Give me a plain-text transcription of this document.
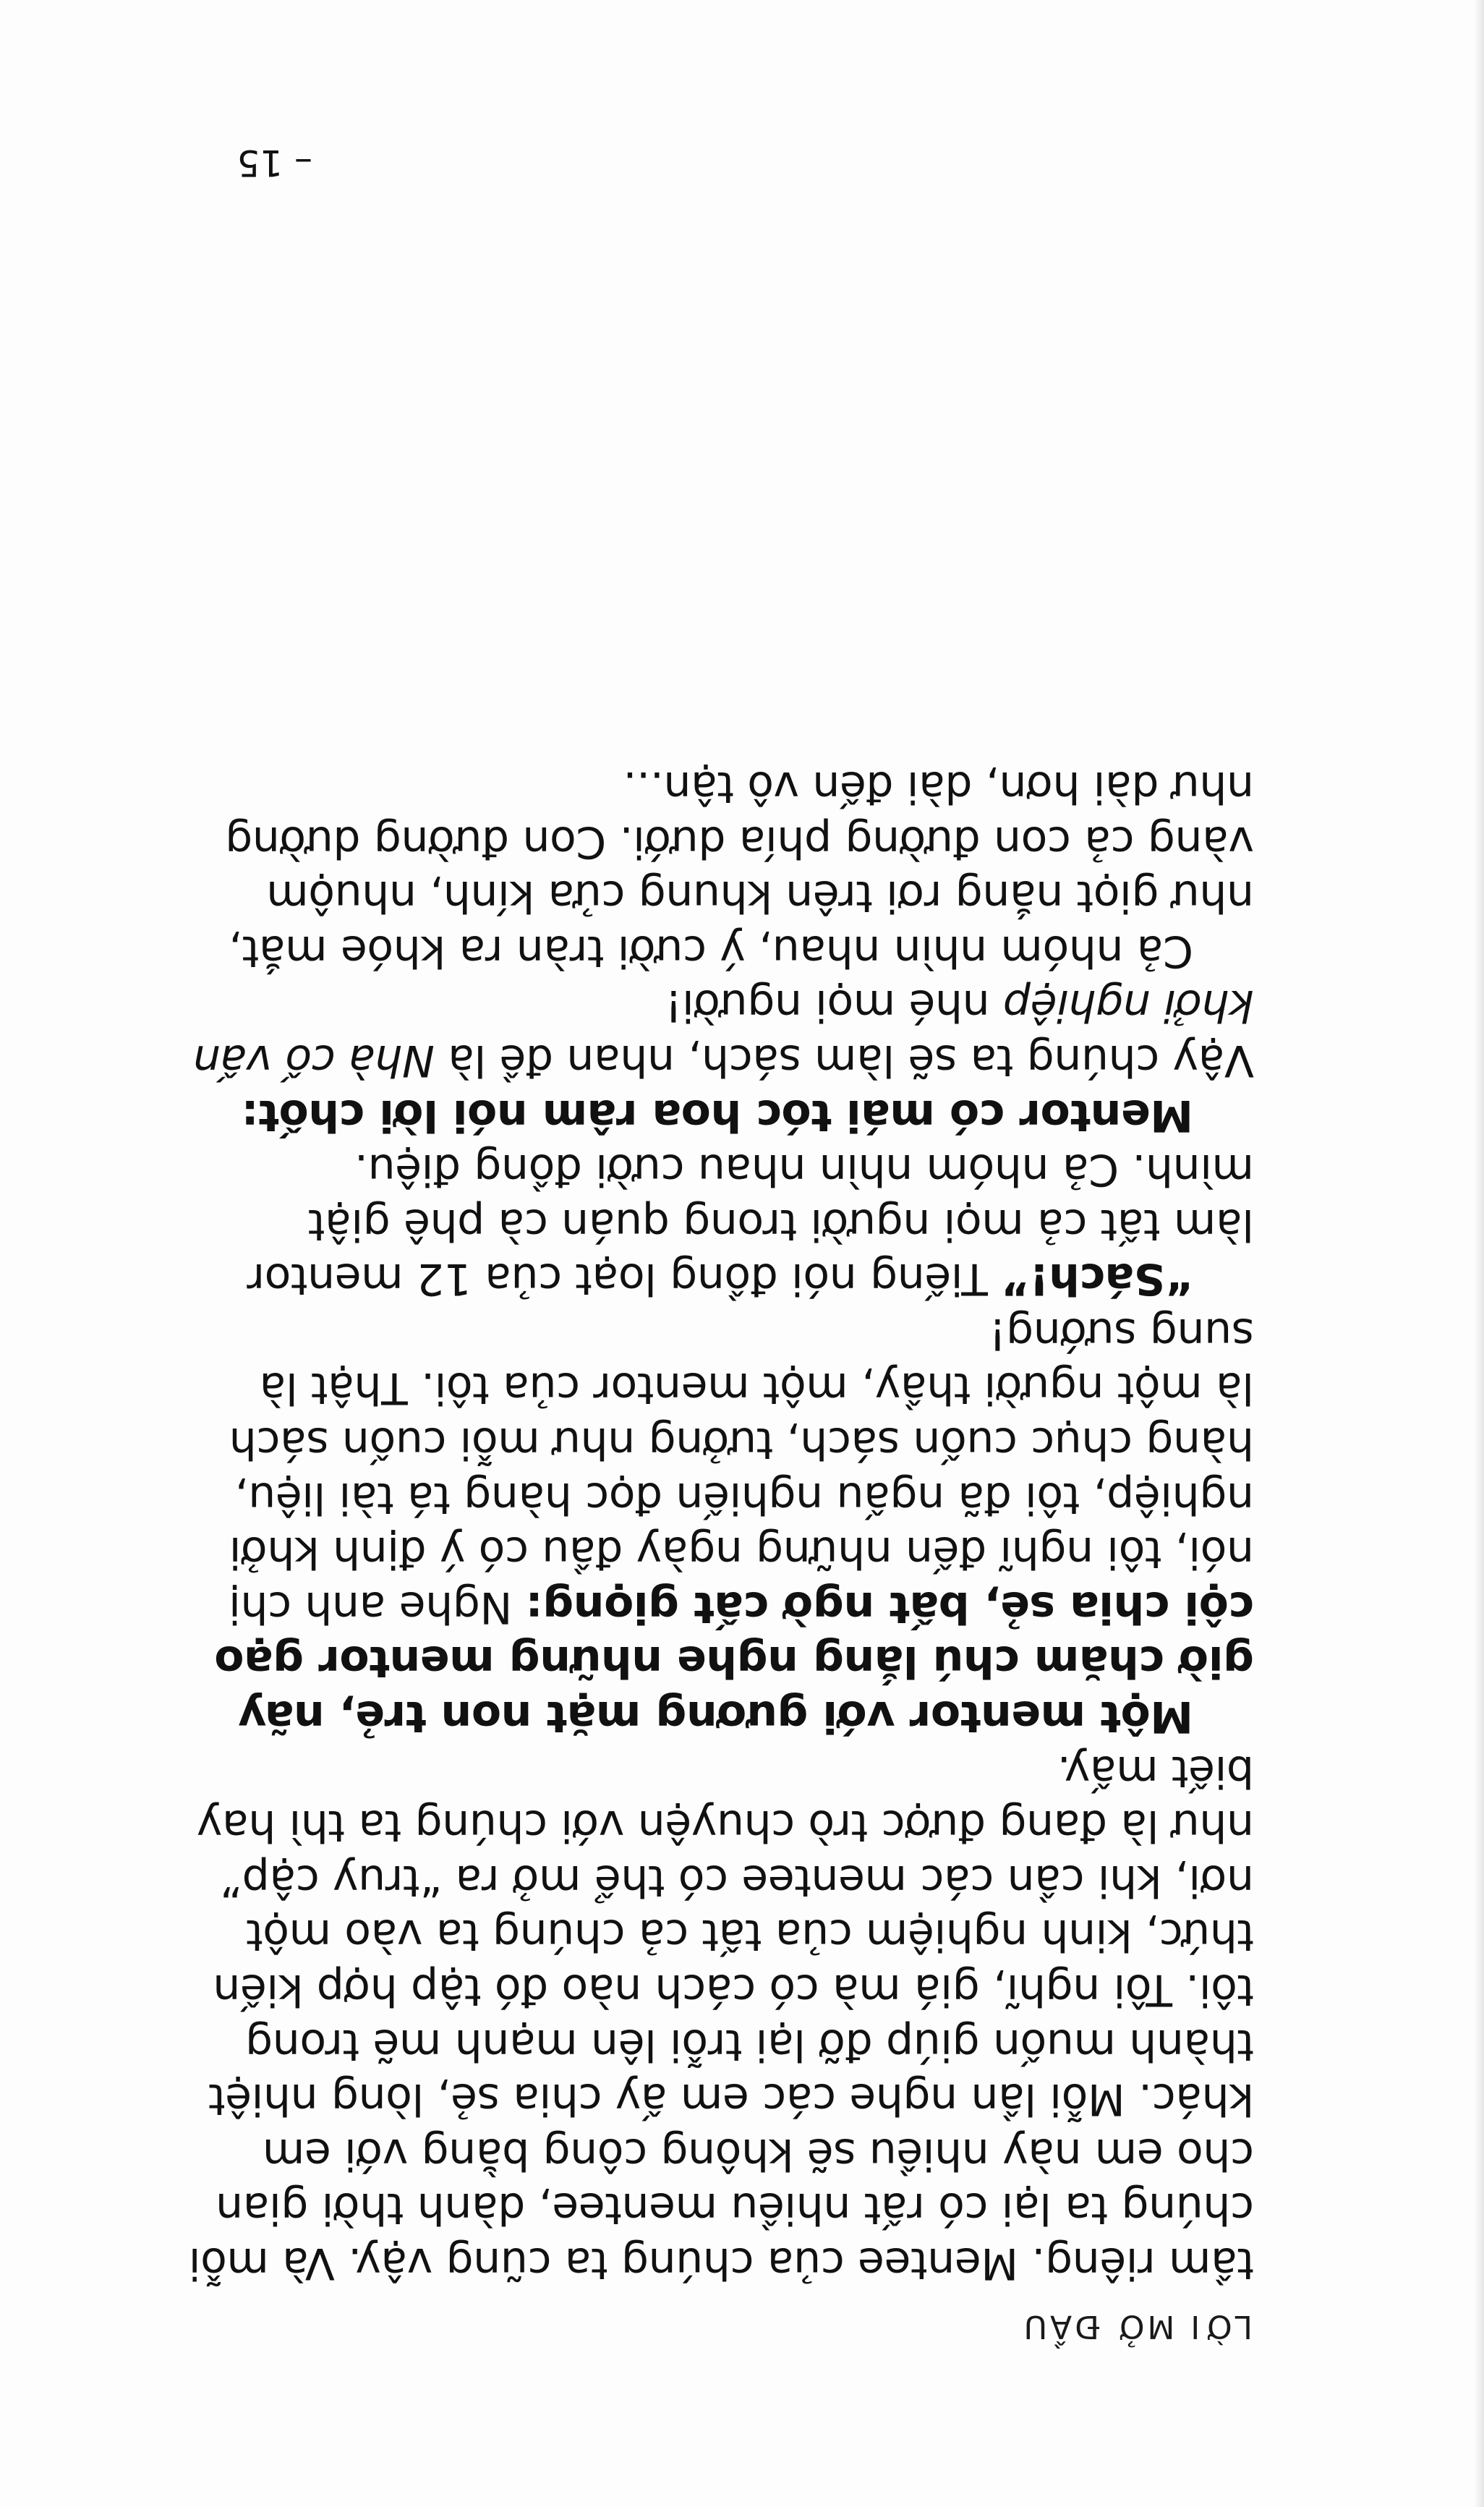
LỜI MỞ ĐẦU

tầm riêng. Mentee của chúng ta cũng vậy. Và mỗi chúng ta lại có rất nhiều mentee, dành thời gian cho em này nhiều sẽ không công bằng với em khác. Mỗi lần nghe các em ấy chia sẻ, lòng nhiệt thành muốn giúp đỡ lại trỗi lên mạnh mẽ trong tôi. Tôi nghĩ, giá mà có cách nào đó tập hợp kiến thức, kinh nghiệm của tất cả chúng ta vào một nơi, khi cần các mentee có thể mở ra “truy cập” như là đang được trò chuyện với chúng ta thì hay biết mấy.

Một mentor với gương mặt non trẻ, nãy giờ chăm chú lắng nghe những mentor gạo cội chia sẻ, bất ngờ cất giọng: Nghe anh chị nói, tôi nghĩ đến những ngày đầu có ý định khởi nghiệp, tôi đã ngấu nghiến đọc hàng tá tài liệu, hàng chục cuốn sách, tưởng như mỗi cuốn sách là một người thầy, một mentor của tôi. Thật là sung sướng!

“Sách!” Tiếng nói đồng loạt của 12 mentor làm tất cả mọi người trong quán cà phê giật mình. Cả nhóm nhìn nhau cười đồng điệu.

Mentor có mái tóc hoa râm nói lời chốt: Vậy chúng ta sẽ làm sách, nhan đề là Nhà cố vấn khởi nghiệp nhé mọi người!

Cả nhóm nhìn nhau, ý cười tràn ra khóe mắt, như giọt nắng rơi trên khung cửa kính, nhuộm vàng cả con đường phía dưới. Con đường dường như dài hơn, dài đến vô tận...

– 15
